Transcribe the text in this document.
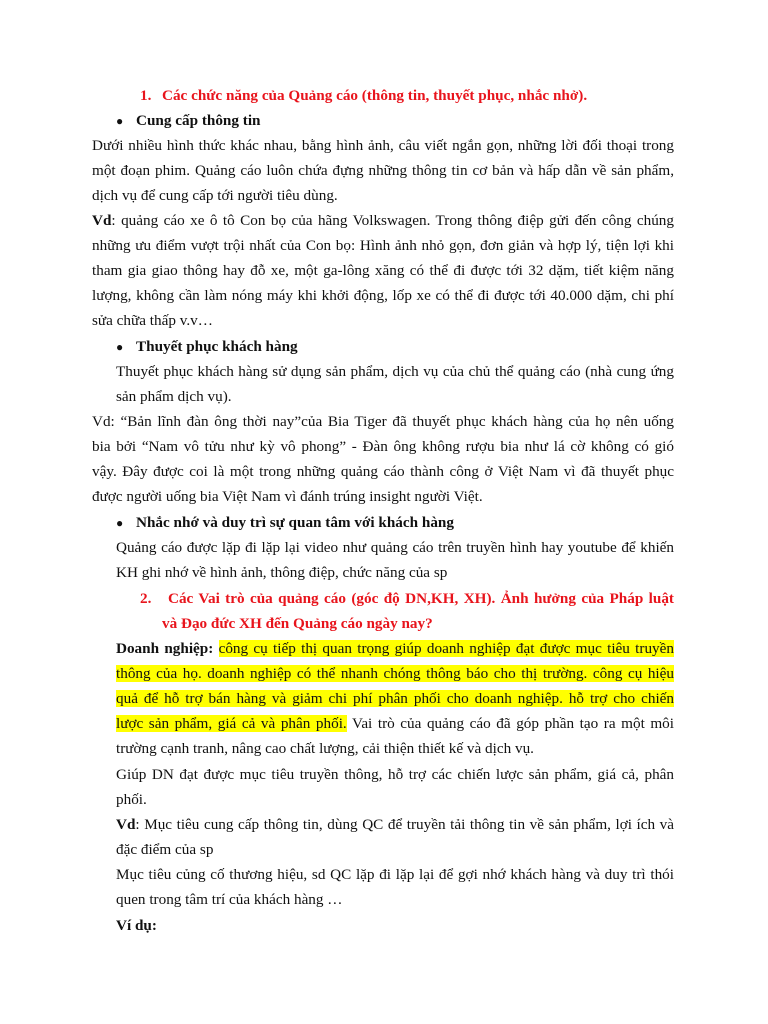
1. Các chức năng của Quảng cáo (thông tin, thuyết phục, nhắc nhở).
● Cung cấp thông tin
Dưới nhiều hình thức khác nhau, bằng hình ảnh, câu viết ngắn gọn, những lời đối thoại trong
một đoạn phim. Quảng cáo luôn chứa đựng những thông tin cơ bản và hấp dẫn về sản phẩm,
dịch vụ để cung cấp tới người tiêu dùng.
Vd: quảng cáo xe ô tô Con bọ của hãng Volkswagen. Trong thông điệp gửi đến công chúng
những ưu điểm vượt trội nhất của Con bọ: Hình ảnh nhỏ gọn, đơn giản và hợp lý, tiện lợi khi
tham gia giao thông hay đỗ xe, một ga-lông xăng có thể đi được tới 32 dặm, tiết kiệm năng
lượng, không cần làm nóng máy khi khởi động, lốp xe có thể đi được tới 40.000 dặm, chi phí
sửa chữa thấp v.v…
● Thuyết phục khách hàng
Thuyết phục khách hàng sử dụng sản phẩm, dịch vụ của chủ thể quảng cáo (nhà cung ứng
sản phẩm dịch vụ).
Vd: “Bản lĩnh đàn ông thời nay”của Bia Tiger đã thuyết phục khách hàng của họ nên uống
bia bởi “Nam vô tửu như kỳ vô phong” - Đàn ông không rượu bia như lá cờ không có gió
vậy. Đây được coi là một trong những quảng cáo thành công ở Việt Nam vì đã thuyết phục
được người uống bia Việt Nam vì đánh trúng insight người Việt.
● Nhắc nhớ và duy trì sự quan tâm với khách hàng
Quảng cáo được lặp đi lặp lại video như quảng cáo trên truyền hình hay youtube để khiến
KH ghi nhớ về hình ảnh, thông điệp, chức năng của sp
2. Các Vai trò của quảng cáo (góc độ DN,KH, XH). Ảnh hưởng của Pháp luật
và Đạo đức XH đến Quảng cáo ngày nay?
Doanh nghiệp: công cụ tiếp thị quan trọng giúp doanh nghiệp đạt được mục tiêu truyền
thông của họ. doanh nghiệp có thể nhanh chóng thông báo cho thị trường. công cụ hiệu
quả để hỗ trợ bán hàng và giảm chi phí phân phối cho doanh nghiệp. hỗ trợ cho chiến
lược sản phẩm, giá cả và phân phối. Vai trò của quảng cáo đã góp phần tạo ra một môi
trường cạnh tranh, nâng cao chất lượng, cải thiện thiết kế và dịch vụ.
Giúp DN đạt được mục tiêu truyền thông, hỗ trợ các chiến lược sản phẩm, giá cả, phân
phối.
Vd: Mục tiêu cung cấp thông tin, dùng QC để truyền tải thông tin về sản phẩm, lợi ích và
đặc điểm của sp
Mục tiêu củng cố thương hiệu, sd QC lặp đi lặp lại để gợi nhớ khách hàng và duy trì thói
quen trong tâm trí của khách hàng …
Ví dụ:
